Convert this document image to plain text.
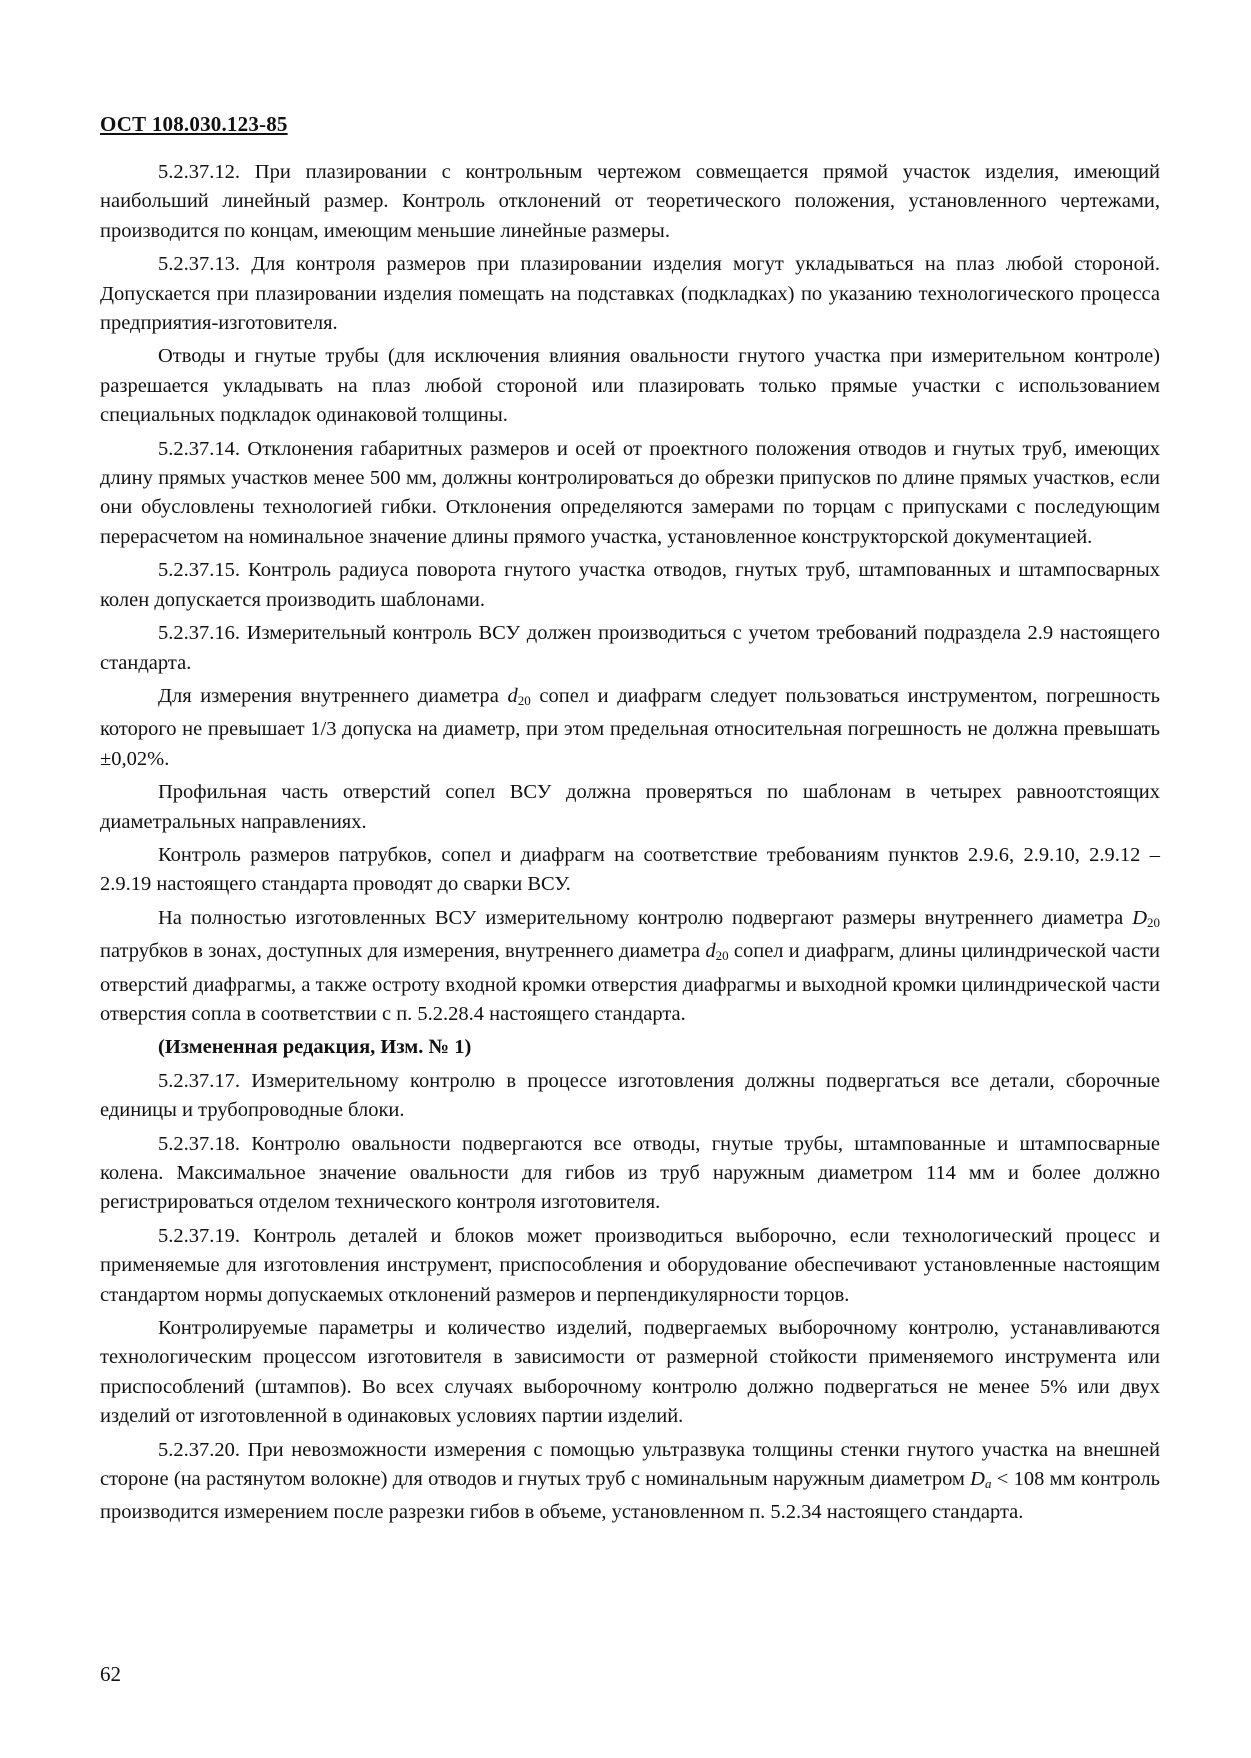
ОСТ 108.030.123-85

5.2.37.12. При плазировании с контрольным чертежом совмещается прямой участок изделия, имеющий наибольший линейный размер. Контроль отклонений от теоретического положения, установленного чертежами, производится по концам, имеющим меньшие линейные размеры.

5.2.37.13. Для контроля размеров при плазировании изделия могут укладываться на плаз любой стороной. Допускается при плазировании изделия помещать на подставках (подкладках) по указанию технологического процесса предприятия-изготовителя.

Отводы и гнутые трубы (для исключения влияния овальности гнутого участка при измерительном контроле) разрешается укладывать на плаз любой стороной или плазировать только прямые участки с использованием специальных подкладок одинаковой толщины.

5.2.37.14. Отклонения габаритных размеров и осей от проектного положения отводов и гнутых труб, имеющих длину прямых участков менее 500 мм, должны контролироваться до обрезки припусков по длине прямых участков, если они обусловлены технологией гибки. Отклонения определяются замерами по торцам с припусками с последующим перерасчетом на номинальное значение длины прямого участка, установленное конструкторской документацией.

5.2.37.15. Контроль радиуса поворота гнутого участка отводов, гнутых труб, штампованных и штампосварных колен допускается производить шаблонами.

5.2.37.16. Измерительный контроль ВСУ должен производиться с учетом требований подраздела 2.9 настоящего стандарта.

Для измерения внутреннего диаметра $d_{20}$ сопел и диафрагм следует пользоваться инструментом, погрешность которого не превышает 1/3 допуска на диаметр, при этом предельная относительная погрешность не должна превышать ±0,02%.

Профильная часть отверстий сопел ВСУ должна проверяться по шаблонам в четырех равноотстоящих диаметральных направлениях.

Контроль размеров патрубков, сопел и диафрагм на соответствие требованиям пунктов 2.9.6, 2.9.10, 2.9.12 – 2.9.19 настоящего стандарта проводят до сварки ВСУ.

На полностью изготовленных ВСУ измерительному контролю подвергают размеры внутреннего диаметра $D_{20}$ патрубков в зонах, доступных для измерения, внутреннего диаметра $d_{20}$ сопел и диафрагм, длины цилиндрической части отверстий диафрагмы, а также остроту входной кромки отверстия диафрагмы и выходной кромки цилиндрической части отверстия сопла в соответствии с п. 5.2.28.4 настоящего стандарта.

(Измененная редакция, Изм. № 1)

5.2.37.17. Измерительному контролю в процессе изготовления должны подвергаться все детали, сборочные единицы и трубопроводные блоки.

5.2.37.18. Контролю овальности подвергаются все отводы, гнутые трубы, штампованные и штампосварные колена. Максимальное значение овальности для гибов из труб наружным диаметром 114 мм и более должно регистрироваться отделом технического контроля изготовителя.

5.2.37.19. Контроль деталей и блоков может производиться выборочно, если технологический процесс и применяемые для изготовления инструмент, приспособления и оборудование обеспечивают установленные настоящим стандартом нормы допускаемых отклонений размеров и перпендикулярности торцов.

Контролируемые параметры и количество изделий, подвергаемых выборочному контролю, устанавливаются технологическим процессом изготовителя в зависимости от размерной стойкости применяемого инструмента или приспособлений (штампов). Во всех случаях выборочному контролю должно подвергаться не менее 5% или двух изделий от изготовленной в одинаковых условиях партии изделий.

5.2.37.20. При невозможности измерения с помощью ультразвука толщины стенки гнутого участка на внешней стороне (на растянутом волокне) для отводов и гнутых труб с номинальным наружным диаметром $D_a < 108$ мм контроль производится измерением после разрезки гибов в объеме, установленном п. 5.2.34 настоящего стандарта.

62
